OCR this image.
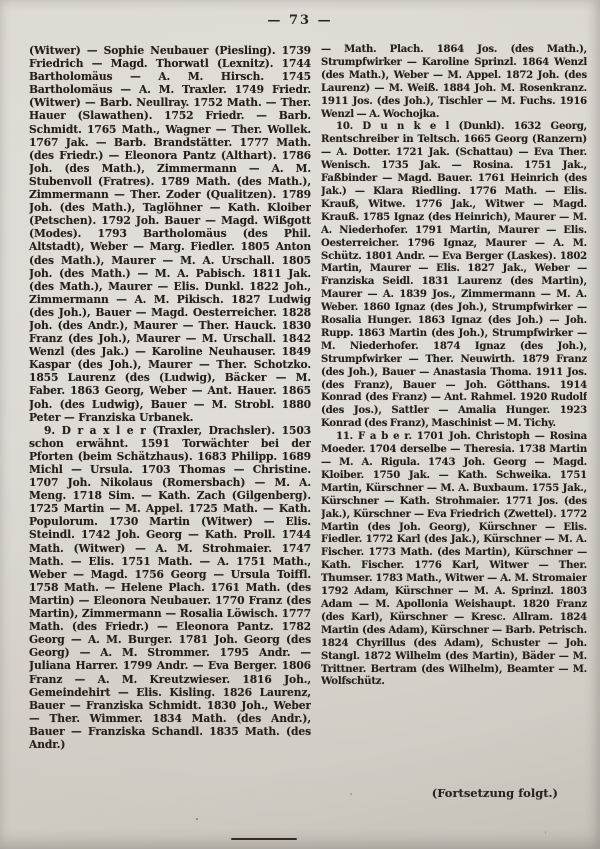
— 73 —

(Witwer) — Sophie Neubauer (Piesling). 1739 Friedrich — Magd. Thorwatl (Lexnitz). 1744 Bartholomäus — A. M. Hirsch. 1745 Bartholomäus — A. M. Traxler. 1749 Friedr. (Witwer) — Barb. Neullray. 1752 Math. — Ther. Hauer (Slawathen). 1752 Friedr. — Barb. Schmidt. 1765 Math., Wagner — Ther. Wollek. 1767 Jak. — Barb. Brandstätter. 1777 Math. (des Friedr.) — Eleonora Pantz (Althart). 1786 Joh. (des Math.), Zimmermann — A. M. Stubenvoll (Fratres). 1789 Math. (des Math.), Zimmermann — Ther. Zoder (Qualitzen). 1789 Joh. (des Math.), Taglöhner — Kath. Kloiber (Petschen). 1792 Joh. Bauer — Magd. Wißgott (Modes). 1793 Bartholomäus (des Phil. Altstadt), Weber — Marg. Fiedler. 1805 Anton (des Math.), Maurer — M. A. Urschall. 1805 Joh. (des Math.) — M. A. Pabisch. 1811 Jak. (des Math.), Maurer — Elis. Dunkl. 1822 Joh., Zimmermann — A. M. Pikisch. 1827 Ludwig (des Joh.), Bauer — Magd. Oesterreicher. 1828 Joh. (des Andr.), Maurer — Ther. Hauck. 1830 Franz (des Joh.), Maurer — M. Urschall. 1842 Wenzl (des Jak.) — Karoline Neuhauser. 1849 Kaspar (des Joh.), Maurer — Ther. Schotzko. 1855 Laurenz (des (Ludwig), Bäcker — M. Faber. 1863 Georg, Weber — Ant. Hauer. 1865 Joh. (des Ludwig), Bauer — M. Strobl. 1880 Peter — Franziska Urbanek.

9. D r a x l e r (Traxler, Drachsler). 1503 schon erwähnt. 1591 Torwächter bei der Pforten (beim Schätzhaus). 1683 Philipp. 1689 Michl — Ursula. 1703 Thomas — Christine. 1707 Joh. Nikolaus (Romersbach) — M. A. Meng. 1718 Sim. — Kath. Zach (Gilgenberg). 1725 Martin — M. Appel. 1725 Math. — Kath. Populorum. 1730 Martin (Witwer) — Elis. Steindl. 1742 Joh. Georg — Kath. Proll. 1744 Math. (Witwer) — A. M. Strohmaier. 1747 Math. — Elis. 1751 Math. — A. 1751 Math., Weber — Magd. 1756 Georg — Ursula Toiffl. 1758 Math. — Helene Plach. 1761 Math. (des Martin) — Eleonora Neubauer. 1770 Franz (des Martin), Zimmermann — Rosalia Löwisch. 1777 Math. (des Friedr.) — Eleonora Pantz. 1782 Georg — A. M. Burger. 1781 Joh. Georg (des Georg) — A. M. Strommer. 1795 Andr. — Juliana Harrer. 1799 Andr. — Eva Berger. 1806 Franz — A. M. Kreutzwieser. 1816 Joh., Gemeindehirt — Elis. Kisling. 1826 Laurenz, Bauer — Franziska Schmidt. 1830 Joh., Weber — Ther. Wimmer. 1834 Math. (des Andr.), Bauer — Franziska Schandl. 1835 Math. (des Andr.)

— Math. Plach. 1864 Jos. (des Math.), Strumpfwirker — Karoline Sprinzl. 1864 Wenzl (des Math.), Weber — M. Appel. 1872 Joh. (des Laurenz) — M. Weiß. 1884 Joh. M. Rosenkranz. 1911 Jos. (des Joh.), Tischler — M. Fuchs. 1916 Wenzl — A. Wochojka.

10. D u n k e l (Dunkl). 1632 Georg, Rentschreiber in Teltsch. 1665 Georg (Ranzern) — A. Dotter. 1721 Jak. (Schattau) — Eva Ther. Wenisch. 1735 Jak. — Rosina. 1751 Jak., Faßbinder — Magd. Bauer. 1761 Heinrich (des Jak.) — Klara Riedling. 1776 Math. — Elis. Krauß, Witwe. 1776 Jak., Witwer — Magd. Krauß. 1785 Ignaz (des Heinrich), Maurer — M. A. Niederhofer. 1791 Martin, Maurer — Elis. Oesterreicher. 1796 Ignaz, Maurer — A. M. Schütz. 1801 Andr. — Eva Berger (Laskes). 1802 Martin, Maurer — Elis. 1827 Jak., Weber — Franziska Seidl. 1831 Laurenz (des Martin), Maurer — A. 1839 Jos., Zimmermann — M. A. Weber. 1860 Ignaz (des Joh.), Strumpfwirker — Rosalia Hunger. 1863 Ignaz (des Joh.) — Joh. Rupp. 1863 Martin (des Joh.), Strumpfwirker — M. Niederhofer. 1874 Ignaz (des Joh.), Strumpfwirker — Ther. Neuwirth. 1879 Franz (des Joh.), Bauer — Anastasia Thoma. 1911 Jos. (des Franz), Bauer — Joh. Götthans. 1914 Konrad (des Franz) — Ant. Rahmel. 1920 Rudolf (des Jos.), Sattler — Amalia Hunger. 1923 Konrad (des Franz), Maschinist — M. Tichy.

11. F a b e r. 1701 Joh. Christoph — Rosina Moeder. 1704 derselbe — Theresia. 1738 Martin — M. A. Rigula. 1743 Joh. Georg — Magd. Kloiber. 1750 Jak. — Kath. Schweika. 1751 Martin, Kürschner — M. A. Buxbaum. 1755 Jak., Kürschner — Kath. Strohmaier. 1771 Jos. (des Jak.), Kürschner — Eva Friedrich (Zwettel). 1772 Martin (des Joh. Georg), Kürschner — Elis. Fiedler. 1772 Karl (des Jak.), Kürschner — M. A. Fischer. 1773 Math. (des Martin), Kürschner — Kath. Fischer. 1776 Karl, Witwer — Ther. Thumser. 1783 Math., Witwer — A. M. Stromaier 1792 Adam, Kürschner — M. A. Sprinzl. 1803 Adam — M. Apollonia Weishaupt. 1820 Franz (des Karl), Kürschner — Kresc. Allram. 1824 Martin (des Adam), Kürschner — Barb. Petrisch. 1824 Chyrillus (des Adam), Schuster — Joh. Stangl. 1872 Wilhelm (des Martin), Bäder — M. Trittner. Bertram (des Wilhelm), Beamter — M. Wolfschütz.

(Fortsetzung folgt.)
